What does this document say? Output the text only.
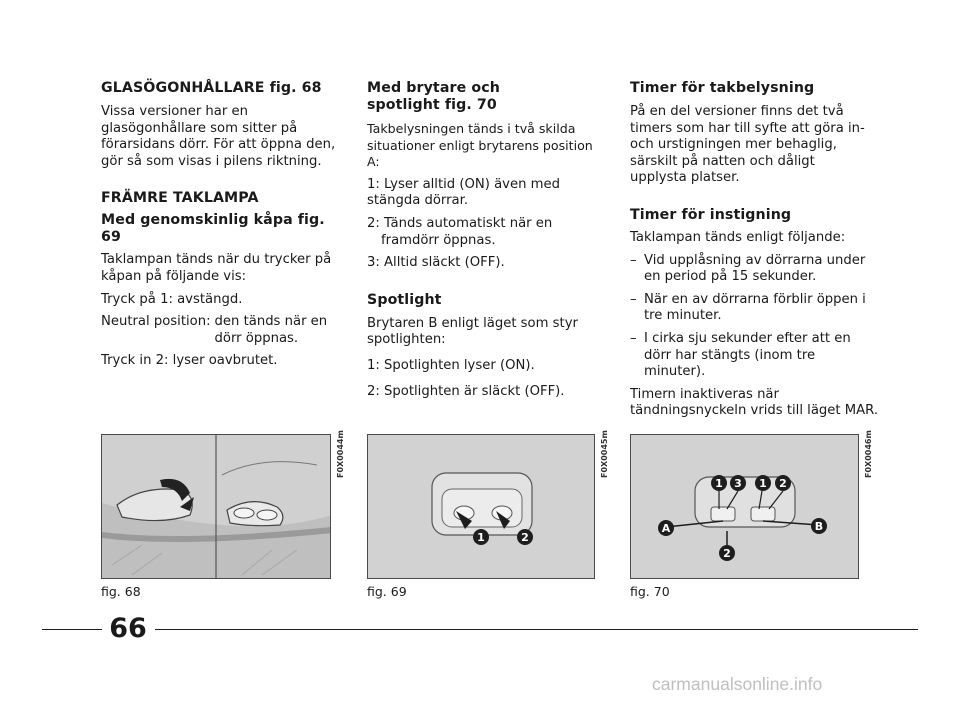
GLASÖGONHÅLLARE fig. 68

Vissa versioner har en glasögonhållare som sitter på förarsidans dörr. För att öppna den, gör så som visas i pilens riktning.

FRÄMRE TAKLAMPA

Med genomskinlig kåpa fig. 69

Taklampan tänds när du trycker på kåpan på följande vis:

Tryck på 1: avstängd.

Neutral position: den tänds när en dörr öppnas.

Tryck in 2: lyser oavbrutet.

Med brytare och spotlight fig. 70

Takbelysningen tänds i två skilda situationer enligt brytarens position A:

1: Lyser alltid (ON) även med stängda dörrar.

2: Tänds automatiskt när en framdörr öppnas.

3: Alltid släckt (OFF).

Spotlight

Brytaren B enligt läget som styr spotlighten:

1: Spotlighten lyser (ON).

2: Spotlighten är släckt (OFF).

Timer för takbelysning

På en del versioner finns det två timers som har till syfte att göra in- och urstigningen mer behaglig, särskilt på natten och dåligt upplysta platser.

Timer för instigning

Taklampan tänds enligt följande:

– Vid upplåsning av dörrarna under en period på 15 sekunder.
– När en av dörrarna förblir öppen i tre minuter.
– I cirka sju sekunder efter att en dörr har stängts (inom tre minuter).

Timern inaktiveras när tändningsnyckeln vrids till läget MAR.

F0X0044m
fig. 68
1	2
F0X0045m
fig. 69
1 3 1 2
A	B
2
F0X0046m
fig. 70
66
carmanualsonline.info
